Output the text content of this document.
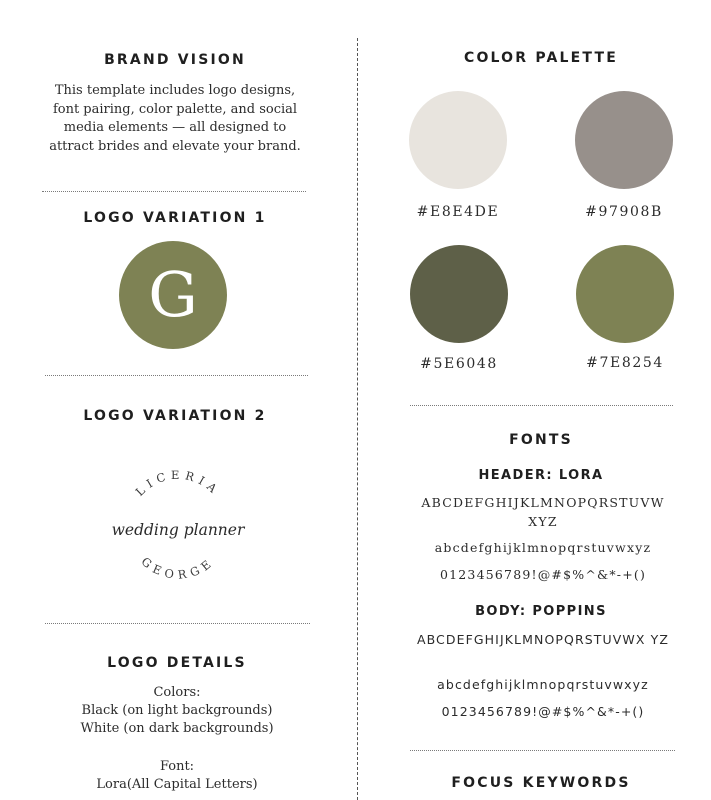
BRAND VISION
This template includes logo designs, font pairing, color palette, and social media elements — all designed to attract brides and elevate your brand.
LOGO VARIATION 1
G
LOGO VARIATION 2
LICERIA
wedding planner
GEORGE
LOGO DETAILS
Colors:
Black (on light backgrounds)
White (on dark backgrounds)
Font:
Lora(All Capital Letters)
COLOR PALETTE
#E8E4DE	#97908B
#5E6048	#7E8254
FONTS
HEADER: LORA
ABCDEFGHIJKLMNOPQRSTUVW XYZ
abcdefghijklmnopqrstuvwxyz
0123456789!@#$%^&*-+()
BODY: POPPINS
ABCDEFGHIJKLMNOPQRSTUVWX YZ
abcdefghijklmnopqrstuvwxyz
0123456789!@#$%^&*-+()
FOCUS KEYWORDS
